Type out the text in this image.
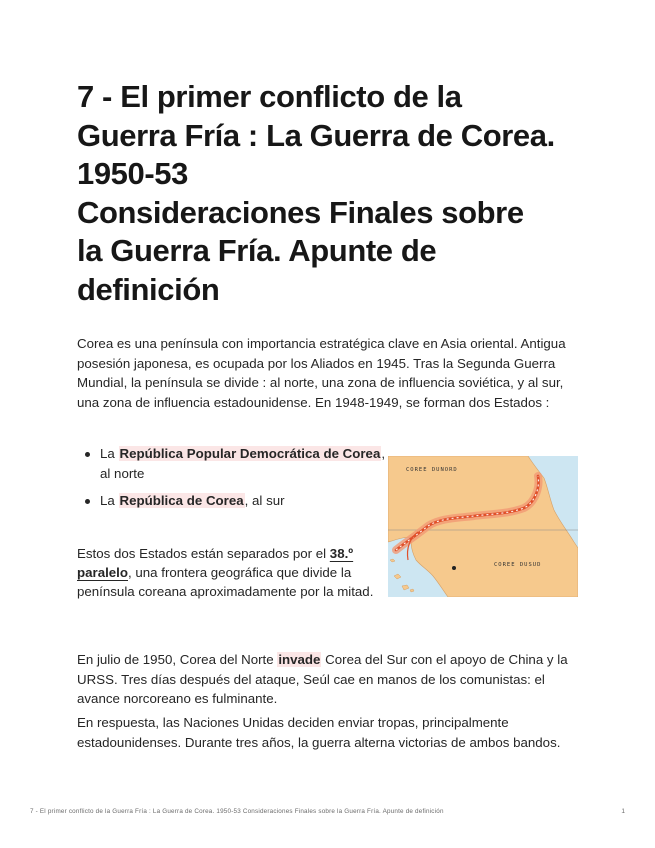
7 - El primer conflicto de la
Guerra Fría : La Guerra de Corea.
1950-53
Consideraciones Finales sobre
la Guerra Fría. Apunte de
definición

Corea es una península con importancia estratégica clave en Asia oriental. Antigua posesión japonesa, es ocupada por los Aliados en 1945. Tras la Segunda Guerra Mundial, la península se divide : al norte, una zona de influencia soviética, y al sur, una zona de influencia estadounidense. En 1948-1949, se forman dos Estados :

La República Popular Democrática de Corea, al norte
La República de Corea, al sur

Estos dos Estados están separados por el 38.º paralelo, una frontera geográfica que divide la península coreana aproximadamente por la mitad.

COREE DUNORD
COREE DUSUD

En julio de 1950, Corea del Norte invade Corea del Sur con el apoyo de China y la URSS. Tres días después del ataque, Seúl cae en manos de los comunistas: el avance norcoreano es fulminante.

En respuesta, las Naciones Unidas deciden enviar tropas, principalmente estadounidenses. Durante tres años, la guerra alterna victorias de ambos bandos.

7 - El primer conflicto de la Guerra Fría : La Guerra de Corea. 1950-53 Consideraciones Finales sobre la Guerra Fría. Apunte de definición	1
